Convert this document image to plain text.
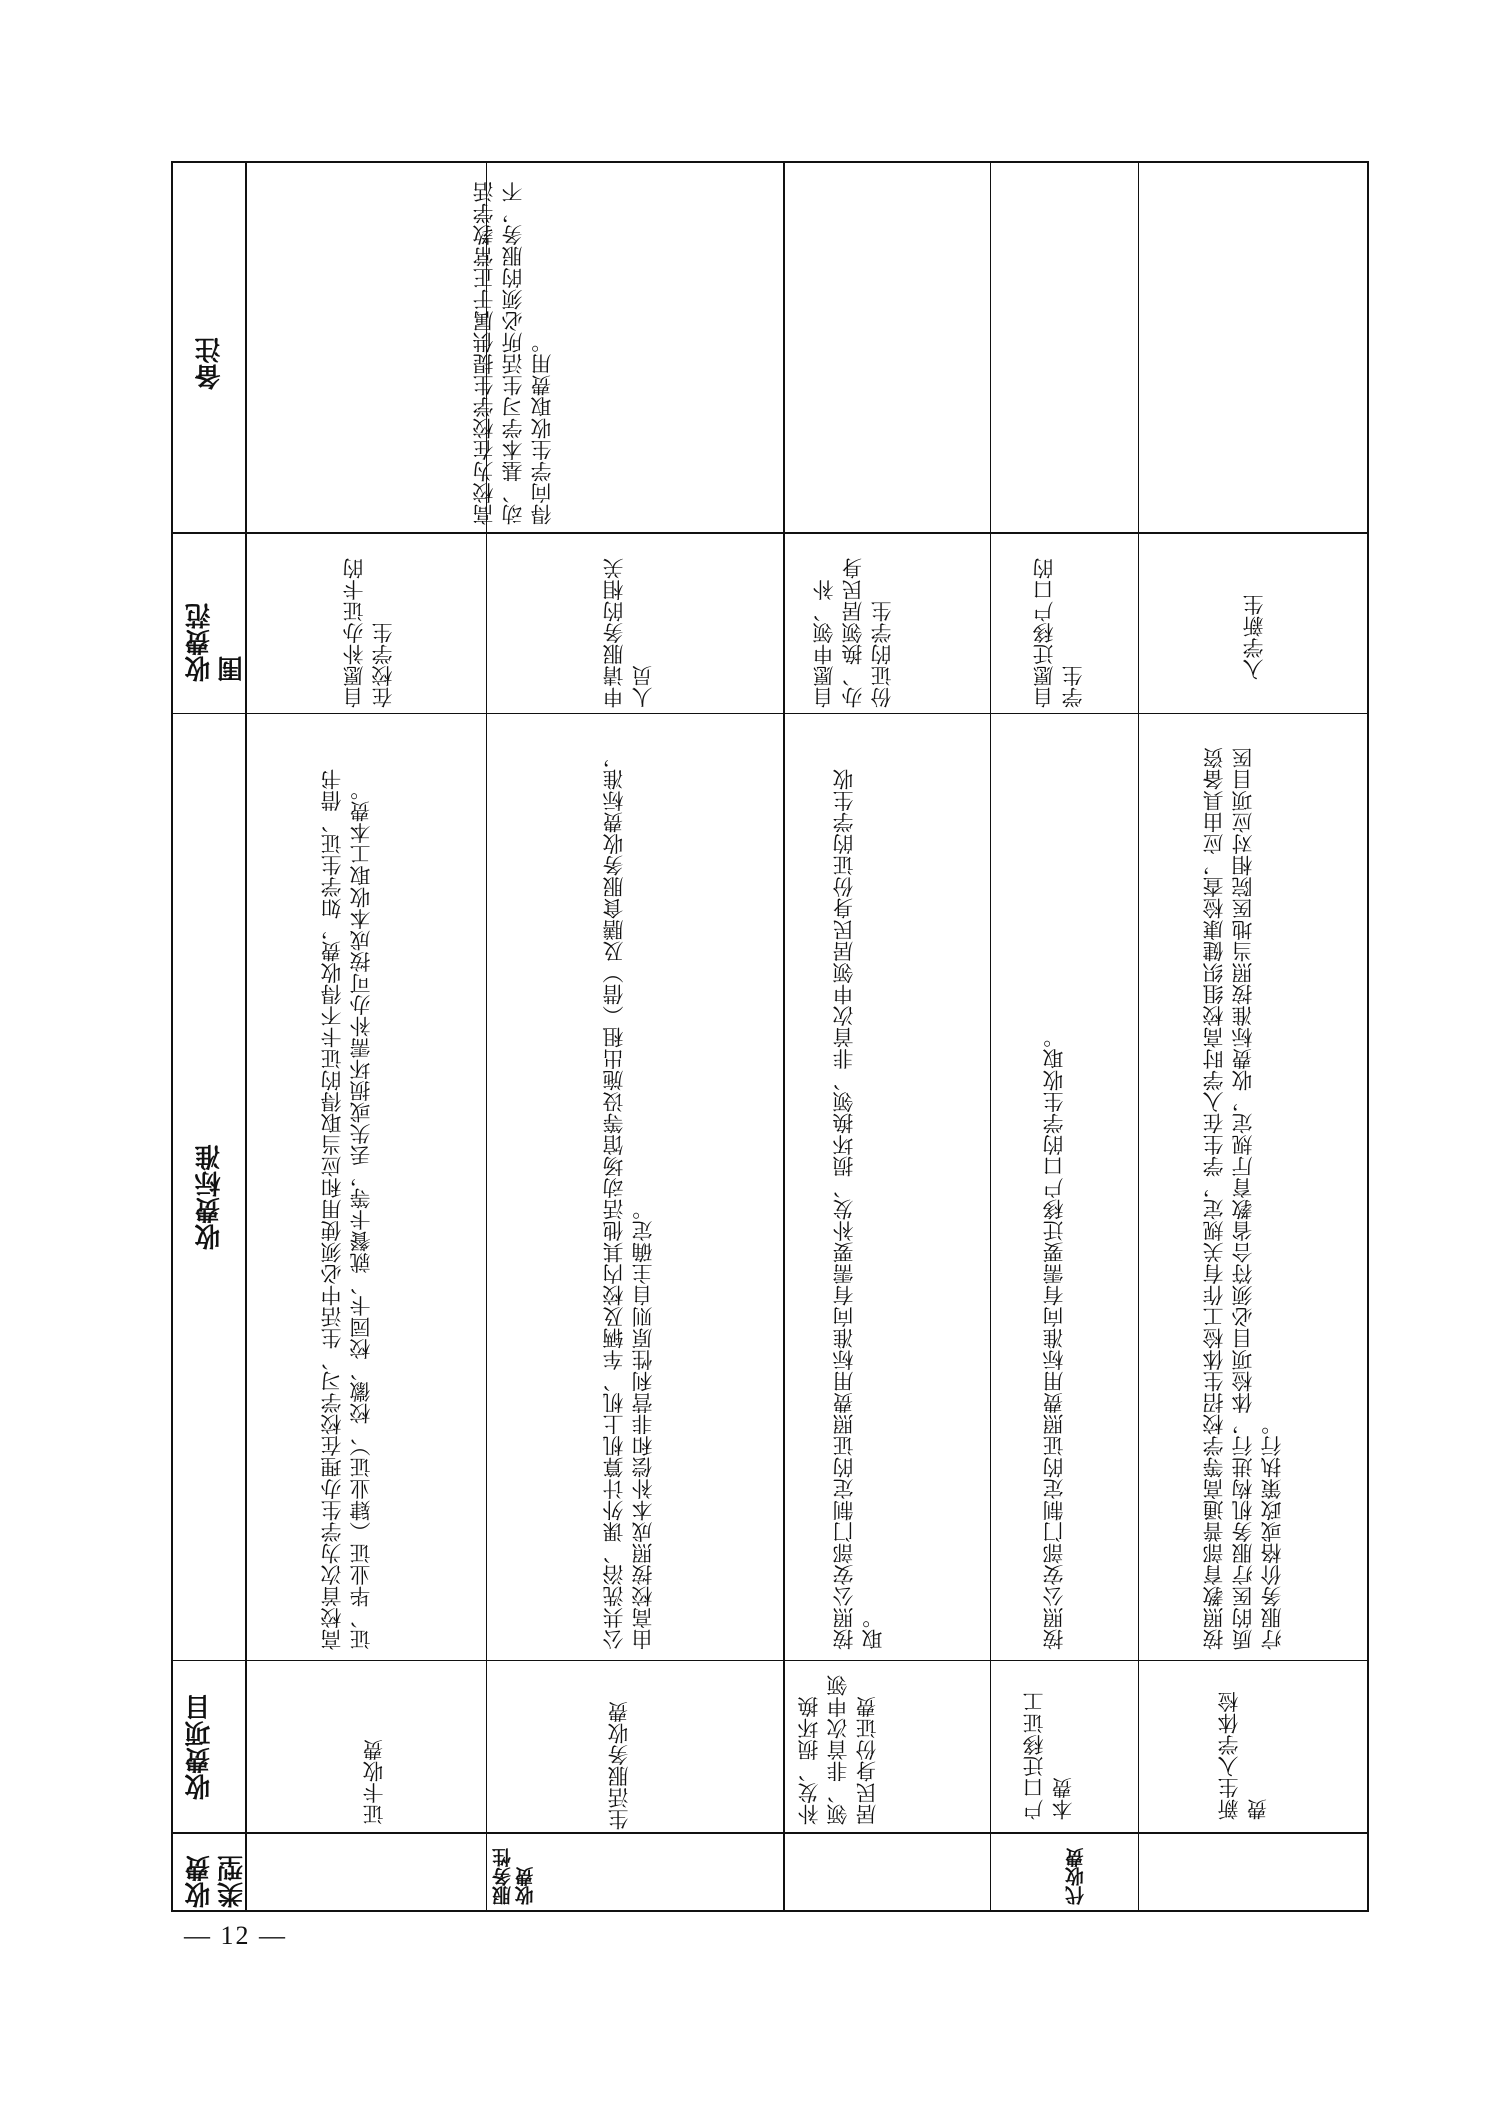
收费类型
收费项目
收费标准
收费范围
备注
服务性收费	代收费
证卡收费
高校首次为学生办理在校学习、生活中必须使用和应当取得的证卡不得收费，如学生证、借书证、毕业证（肄业证）、校徽、校园卡、就餐卡等，丢失或损坏需补办可按成本收取工本费。
自愿补办证卡的在校学生
生活服务收费
公共洗浴、课外计算机上机、车辆及校内其他活动场馆等设施出租（借）及膳食服务收费标准，由高校按照成本补偿和非营利性原则自主确定。
申请服务的相关人员
补发、损坏换领、非首次申领居民身份证费
按照公安部门制定的证照费用标准向有需要补发、损坏换领、非首次申领居民身份证的学生收取。
自愿申领、补办、换领居民身份证的学生
高校为在校学生提供属于正常教学活动、基本学习生活所必须的服务，不得向学生收取费用。
户口迁移证工本费
按照公安部门制定的证照费用标准向有需要迁移户口的学生收取。
自愿迁移户口的学生
新生入学体检费
按照教育部普通高等学校招生体检工作有关规定，学生在入学时高校组织健康检查，应由具备资质的医疗服务机构进行，体检项目必须符合省教育厅规定，收费标准按照当地医院相对应项目医疗服务价格或政策执行。
入学新生
— 12 —
